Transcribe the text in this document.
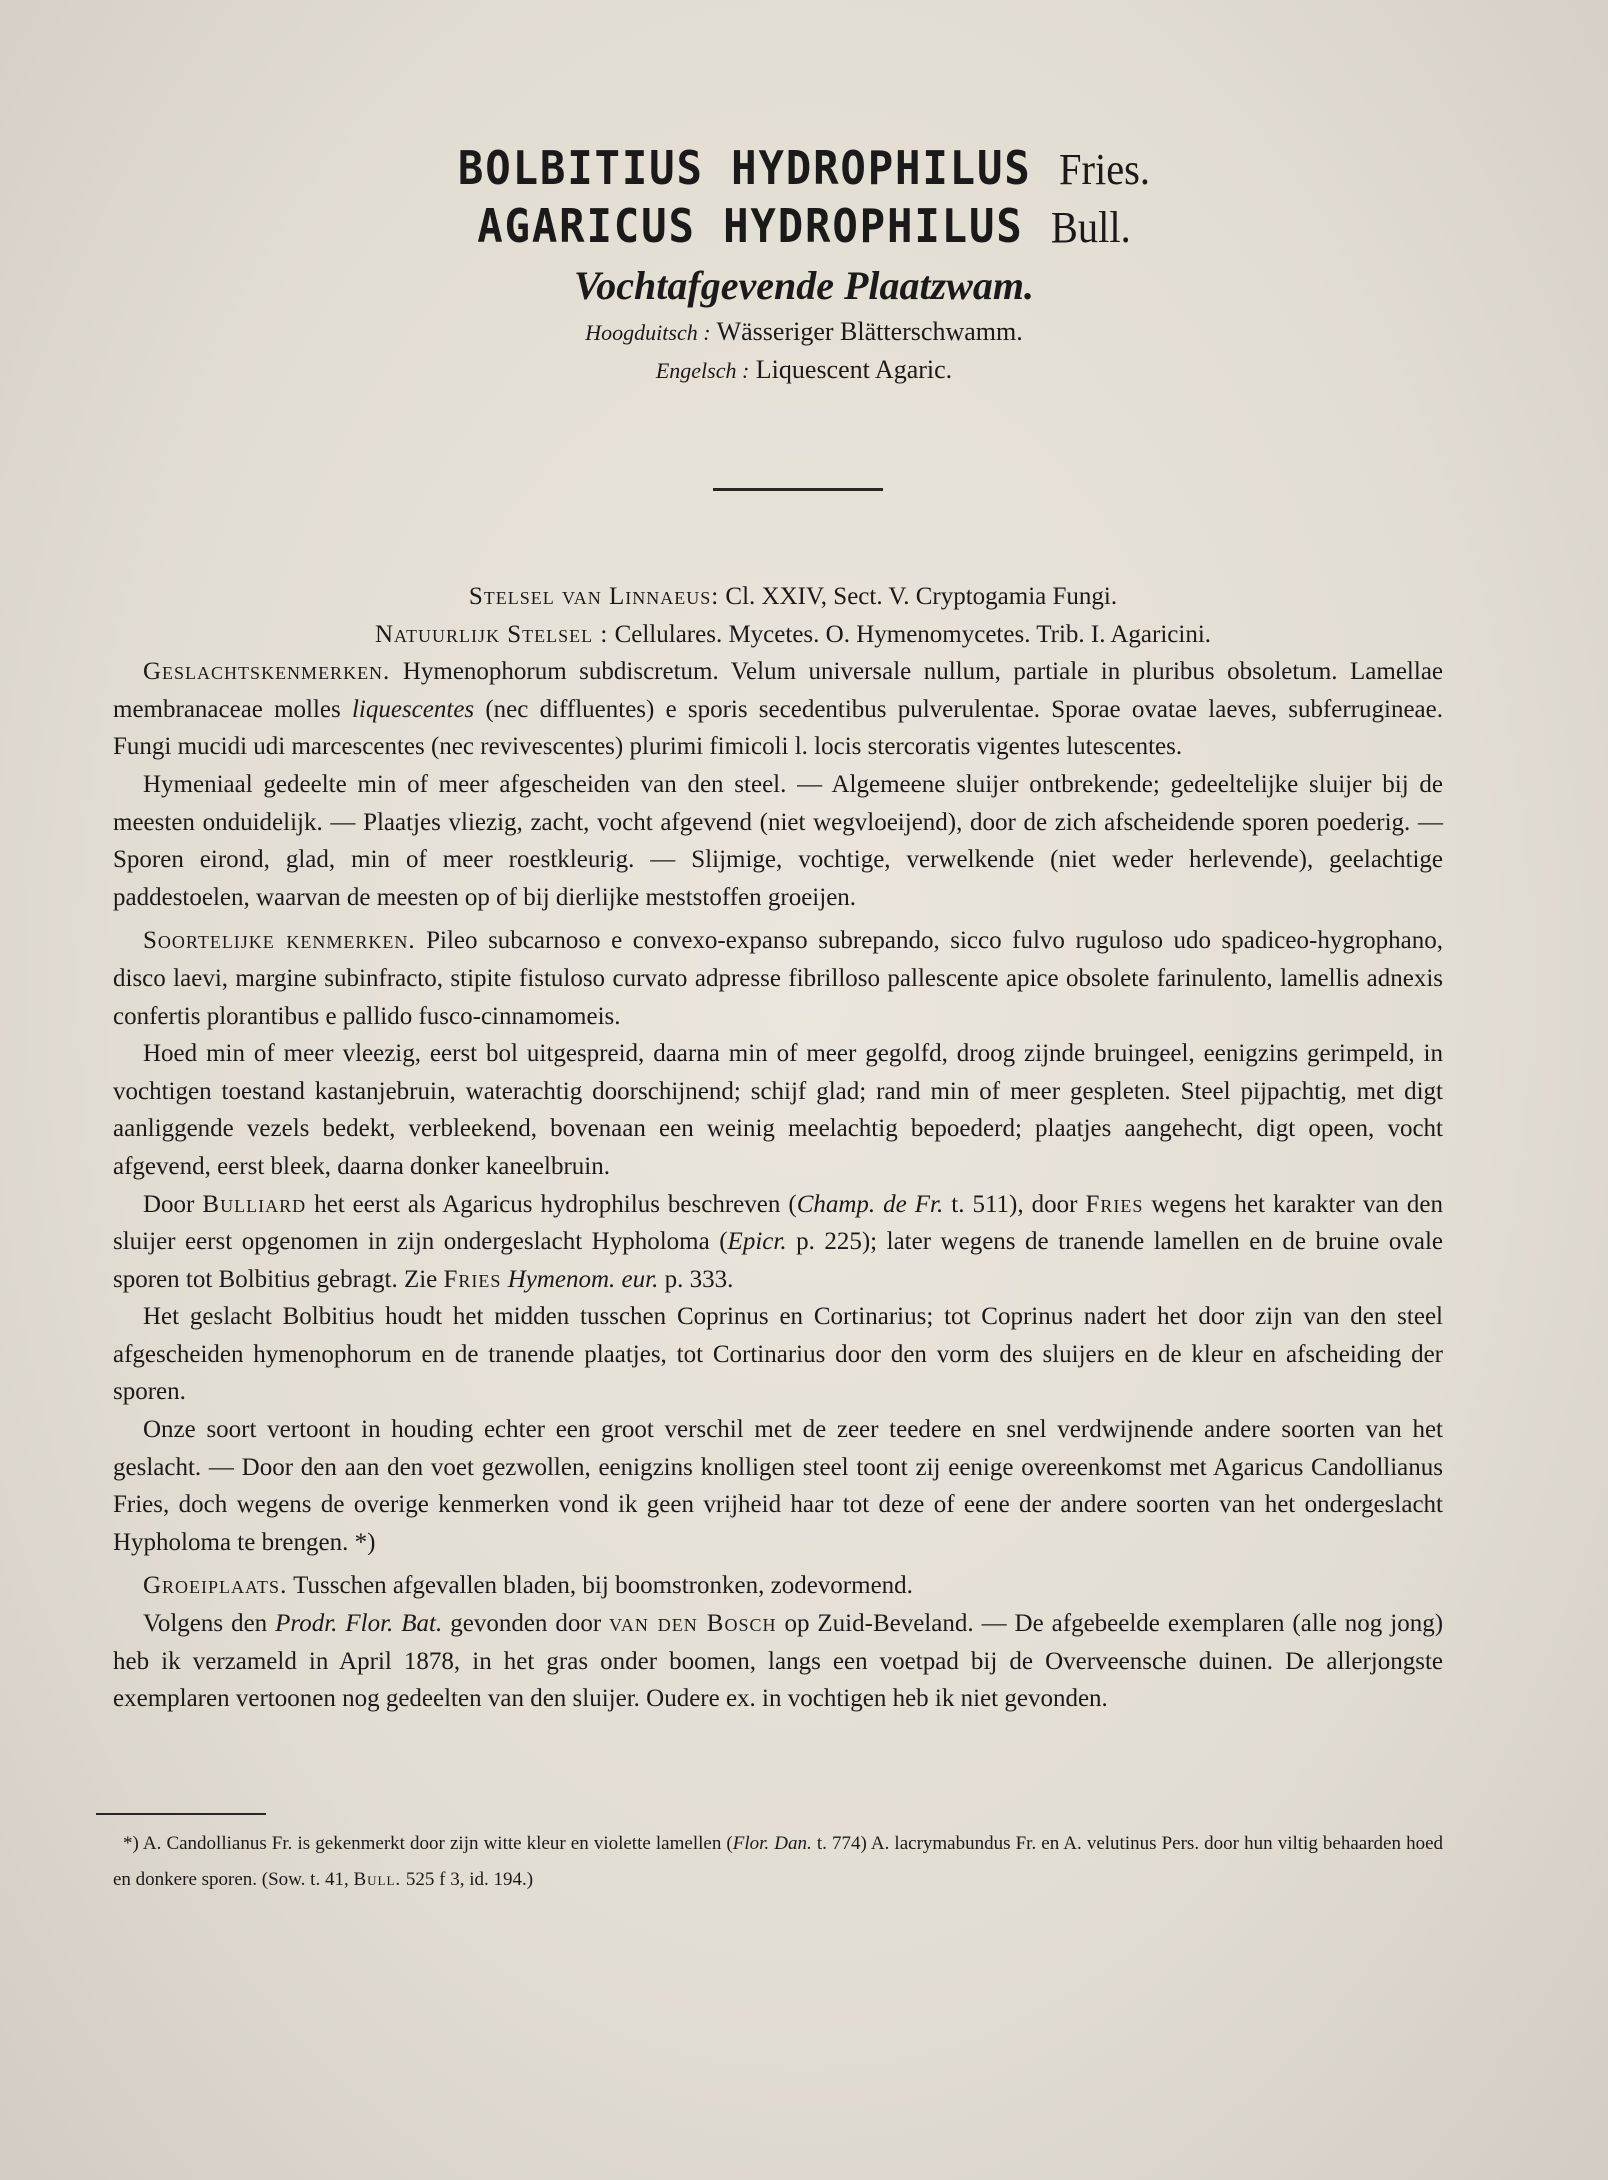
BOLBITIUS HYDROPHILUS Fries.
AGARICUS HYDROPHILUS Bull.
Vochtafgevende Plaatzwam.
Hoogduitsch : Wässeriger Blätterschwamm.
Engelsch : Liquescent Agaric.

Stelsel van Linnaeus: Cl. XXIV, Sect. V. Cryptogamia Fungi.

Natuurlijk Stelsel : Cellulares. Mycetes. O. Hymenomycetes. Trib. I. Agaricini.

Geslachtskenmerken. Hymenophorum subdiscretum. Velum universale nullum, partiale in pluribus obsoletum. Lamellae membranaceae molles liquescentes (nec diffluentes) e sporis secedentibus pulverulentae. Sporae ovatae laeves, subferrugineae. Fungi mucidi udi marcescentes (nec revivescentes) plurimi fimicoli l. locis stercoratis vigentes lutescentes.

Hymeniaal gedeelte min of meer afgescheiden van den steel. — Algemeene sluijer ontbrekende; gedeeltelijke sluijer bij de meesten onduidelijk. — Plaatjes vliezig, zacht, vocht afgevend (niet wegvloeijend), door de zich afscheidende sporen poederig. — Sporen eirond, glad, min of meer roestkleurig. — Slijmige, vochtige, verwelkende (niet weder herlevende), geelachtige paddestoelen, waarvan de meesten op of bij dierlijke meststoffen groeijen.

Soortelijke kenmerken. Pileo subcarnoso e convexo-expanso subrepando, sicco fulvo ruguloso udo spadiceo-hygrophano, disco laevi, margine subinfracto, stipite fistuloso curvato adpresse fibrilloso pallescente apice obsolete farinulento, lamellis adnexis confertis plorantibus e pallido fusco-cinnamomeis.

Hoed min of meer vleezig, eerst bol uitgespreid, daarna min of meer gegolfd, droog zijnde bruingeel, eenigzins gerimpeld, in vochtigen toestand kastanjebruin, waterachtig doorschijnend; schijf glad; rand min of meer gespleten. Steel pijpachtig, met digt aanliggende vezels bedekt, verbleekend, bovenaan een weinig meelachtig bepoederd; plaatjes aangehecht, digt opeen, vocht afgevend, eerst bleek, daarna donker kaneelbruin.

Door Bulliard het eerst als Agaricus hydrophilus beschreven (Champ. de Fr. t. 511), door Fries wegens het karakter van den sluijer eerst opgenomen in zijn ondergeslacht Hypholoma (Epicr. p. 225); later wegens de tranende lamellen en de bruine ovale sporen tot Bolbitius gebragt. Zie Fries Hymenom. eur. p. 333.

Het geslacht Bolbitius houdt het midden tusschen Coprinus en Cortinarius; tot Coprinus nadert het door zijn van den steel afgescheiden hymenophorum en de tranende plaatjes, tot Cortinarius door den vorm des sluijers en de kleur en afscheiding der sporen.

Onze soort vertoont in houding echter een groot verschil met de zeer teedere en snel verdwijnende andere soorten van het geslacht. — Door den aan den voet gezwollen, eenigzins knolligen steel toont zij eenige overeenkomst met Agaricus Candollianus Fries, doch wegens de overige kenmerken vond ik geen vrijheid haar tot deze of eene der andere soorten van het ondergeslacht Hypholoma te brengen. *)

Groeiplaats. Tusschen afgevallen bladen, bij boomstronken, zodevormend.

Volgens den Prodr. Flor. Bat. gevonden door van den Bosch op Zuid-Beveland. — De afgebeelde exemplaren (alle nog jong) heb ik verzameld in April 1878, in het gras onder boomen, langs een voetpad bij de Overveensche duinen. De allerjongste exemplaren vertoonen nog gedeelten van den sluijer. Oudere ex. in vochtigen heb ik niet gevonden.

*) A. Candollianus Fr. is gekenmerkt door zijn witte kleur en violette lamellen (Flor. Dan. t. 774) A. lacrymabundus Fr. en A. velutinus Pers. door hun viltig behaarden hoed en donkere sporen. (Sow. t. 41, Bull. 525 f 3, id. 194.)
